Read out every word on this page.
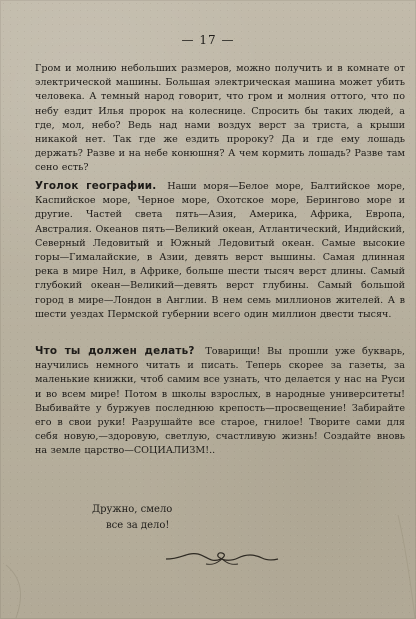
— 17 —
Гром и молнию небольших размеров, можно получить и в комнате от электрической машины. Большая электрическая машина может убить человека. А темный народ говорит, что гром и молния оттого, что по небу ездит Илья пророк на колеснице. Спросить бы таких людей, а где, мол, небо? Ведь над нами воздух верст за триста, а крыши никакой нет. Так где же ездить пророку? Да и где ему лошадь держать? Разве и на небе конюшня? А чем кормить лошадь? Разве там сено есть?
Уголок географии. Наши моря—Белое море, Балтийское море, Каспийское море, Черное море, Охотское море, Берингово море и другие. Частей света пять—Азия, Америка, Африка, Европа, Австралия. Океанов пять—Великий океан, Атлантический, Индийский, Северный Ледовитый и Южный Ледовитый океан. Самые высокие горы—Гималайские, в Азии, девять верст вышины. Самая длинная река в мире Нил, в Африке, больше шести тысяч верст длины. Самый глубокий океан—Великий—девять верст глубины. Самый большой город в мире—Лондон в Англии. В нем семь миллионов жителей. А в шести уездах Пермской губернии всего один миллион двести тысяч.
Что ты должен делать? Товарищи! Вы прошли уже букварь, научились немного читать и писать. Теперь скорее за газеты, за маленькие книжки, чтоб самим все узнать, что делается у нас на Руси и во всем мире! Потом в школы взрослых, в народные университеты! Выбивайте у буржуев последнюю крепость—просвещение! Забирайте его в свои руки! Разрушайте все старое, гнилое! Творите сами для себя новую,—здоровую, светлую, счастливую жизнь! Создайте вновь на земле царство—СОЦИАЛИЗМ!..
Дружно, смело
все за дело!
